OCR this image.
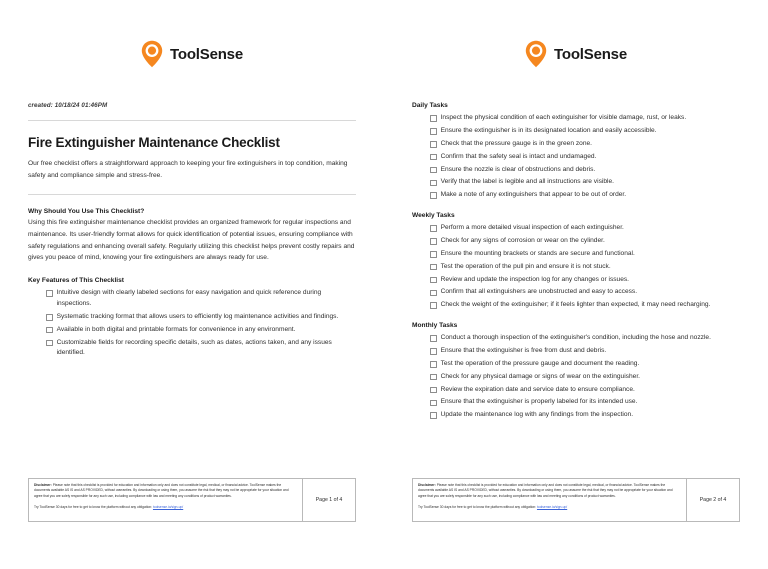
ToolSense
created: 10/18/24 01:46PM
Fire Extinguisher Maintenance Checklist
Our free checklist offers a straightforward approach to keeping your fire extinguishers in top condition, making safety and compliance simple and stress-free.
Why Should You Use This Checklist?
Using this fire extinguisher maintenance checklist provides an organized framework for regular inspections and maintenance. Its user-friendly format allows for quick identification of potential issues, ensuring compliance with safety regulations and enhancing overall safety. Regularly utilizing this checklist helps prevent costly repairs and gives you peace of mind, knowing your fire extinguishers are always ready for use.
Key Features of This Checklist
Intuitive design with clearly labeled sections for easy navigation and quick reference during inspections.
Systematic tracking format that allows users to efficiently log maintenance activities and findings.
Available in both digital and printable formats for convenience in any environment.
Customizable fields for recording specific details, such as dates, actions taken, and any issues identified.
Disclaimer: Please note that this checklist is provided for education and information only and does not constitute legal, medical, or financial advice. ToolSense makes the documents available AS IS and AS PROVIDED, without warranties. By downloading or using them, you assume the risk that they may not be appropriate for your situation and agree that you are solely responsible for any such use, including compliance with law and meeting any conditions of product warranties.
Try ToolSense 30 days for free to get to know the platform without any obligation: toolsense.io/sign-up/
Page 1 of 4
ToolSense
Daily Tasks
Inspect the physical condition of each extinguisher for visible damage, rust, or leaks.
Ensure the extinguisher is in its designated location and easily accessible.
Check that the pressure gauge is in the green zone.
Confirm that the safety seal is intact and undamaged.
Ensure the nozzle is clear of obstructions and debris.
Verify that the label is legible and all instructions are visible.
Make a note of any extinguishers that appear to be out of order.
Weekly Tasks
Perform a more detailed visual inspection of each extinguisher.
Check for any signs of corrosion or wear on the cylinder.
Ensure the mounting brackets or stands are secure and functional.
Test the operation of the pull pin and ensure it is not stuck.
Review and update the inspection log for any changes or issues.
Confirm that all extinguishers are unobstructed and easy to access.
Check the weight of the extinguisher; if it feels lighter than expected, it may need recharging.
Monthly Tasks
Conduct a thorough inspection of the extinguisher's condition, including the hose and nozzle.
Ensure that the extinguisher is free from dust and debris.
Test the operation of the pressure gauge and document the reading.
Check for any physical damage or signs of wear on the extinguisher.
Review the expiration date and service date to ensure compliance.
Ensure that the extinguisher is properly labeled for its intended use.
Update the maintenance log with any findings from the inspection.
Disclaimer: Please note that this checklist is provided for education and information only and does not constitute legal, medical, or financial advice. ToolSense makes the documents available AS IS and AS PROVIDED, without warranties. By downloading or using them, you assume the risk that they may not be appropriate for your situation and agree that you are solely responsible for any such use, including compliance with law and meeting any conditions of product warranties.
Try ToolSense 30 days for free to get to know the platform without any obligation: toolsense.io/sign-up/
Page 2 of 4
